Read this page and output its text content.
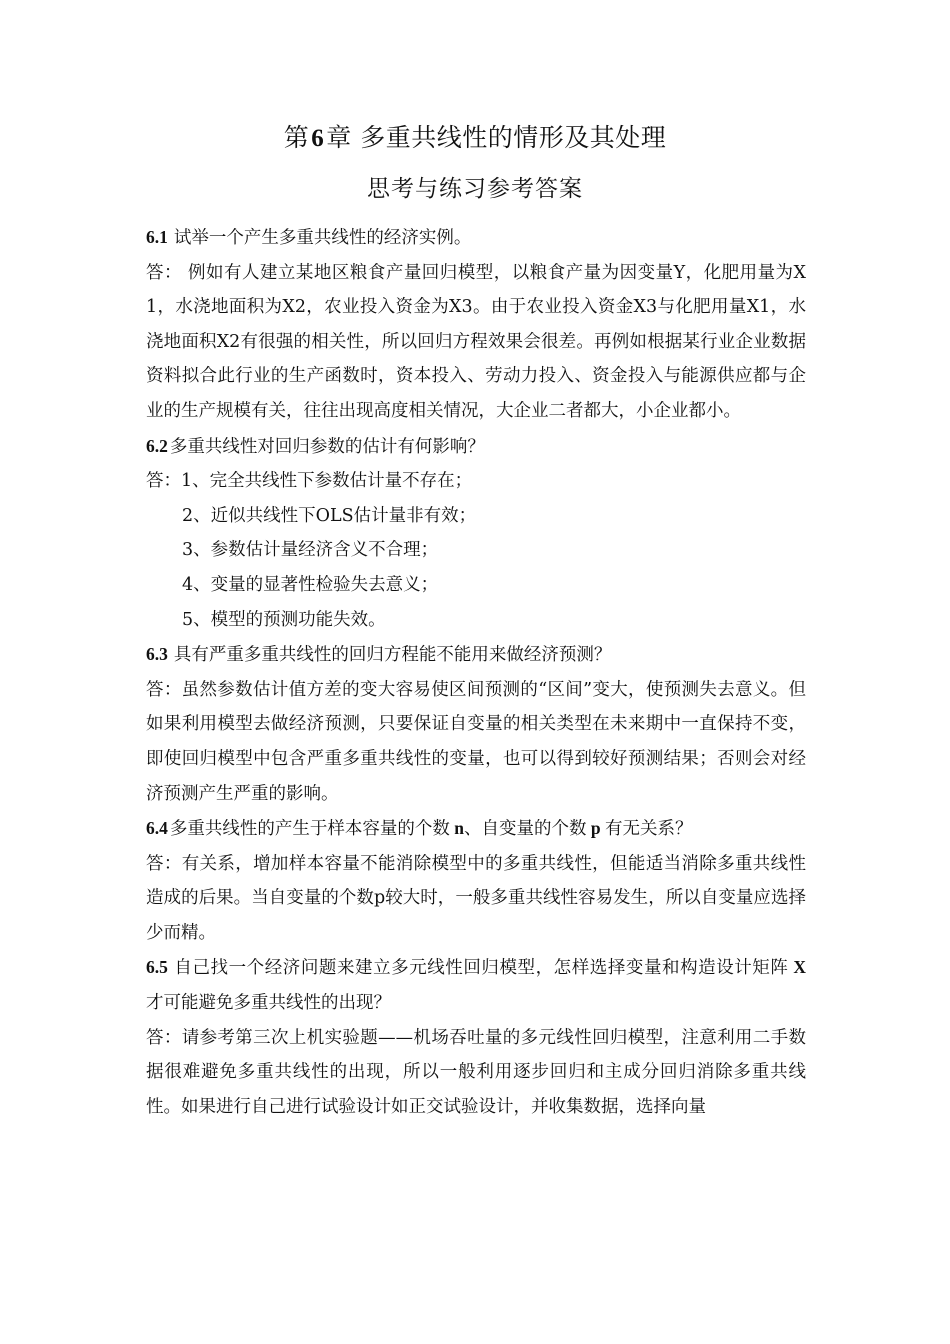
第6章 多重共线性的情形及其处理
思考与练习参考答案

6.1 试举一个产生多重共线性的经济实例。

答： 例如有人建立某地区粮食产量回归模型，以粮食产量为因变量Y，化肥用量为X1，水浇地面积为X2，农业投入资金为X3。由于农业投入资金X3与化肥用量X1，水浇地面积X2有很强的相关性，所以回归方程效果会很差。再例如根据某行业企业数据资料拟合此行业的生产函数时，资本投入、劳动力投入、资金投入与能源供应都与企业的生产规模有关，往往出现高度相关情况，大企业二者都大，小企业都小。

6.2 多重共线性对回归参数的估计有何影响？

答：1、完全共线性下参数估计量不存在；

2、近似共线性下OLS估计量非有效；

3、参数估计量经济含义不合理；

4、变量的显著性检验失去意义；

5、模型的预测功能失效。

6.3 具有严重多重共线性的回归方程能不能用来做经济预测？

答：虽然参数估计值方差的变大容易使区间预测的“区间”变大，使预测失去意义。但如果利用模型去做经济预测，只要保证自变量的相关类型在未来期中一直保持不变，即使回归模型中包含严重多重共线性的变量，也可以得到较好预测结果；否则会对经济预测产生严重的影响。

6.4 多重共线性的产生于样本容量的个数 n、自变量的个数 p 有无关系？

答：有关系，增加样本容量不能消除模型中的多重共线性，但能适当消除多重共线性造成的后果。当自变量的个数p较大时，一般多重共线性容易发生，所以自变量应选择少而精。

6.5 自己找一个经济问题来建立多元线性回归模型，怎样选择变量和构造设计矩阵 X 才可能避免多重共线性的出现？

答：请参考第三次上机实验题——机场吞吐量的多元线性回归模型，注意利用二手数据很难避免多重共线性的出现，所以一般利用逐步回归和主成分回归消除多重共线性。如果进行自己进行试验设计如正交试验设计，并收集数据，选择向量
